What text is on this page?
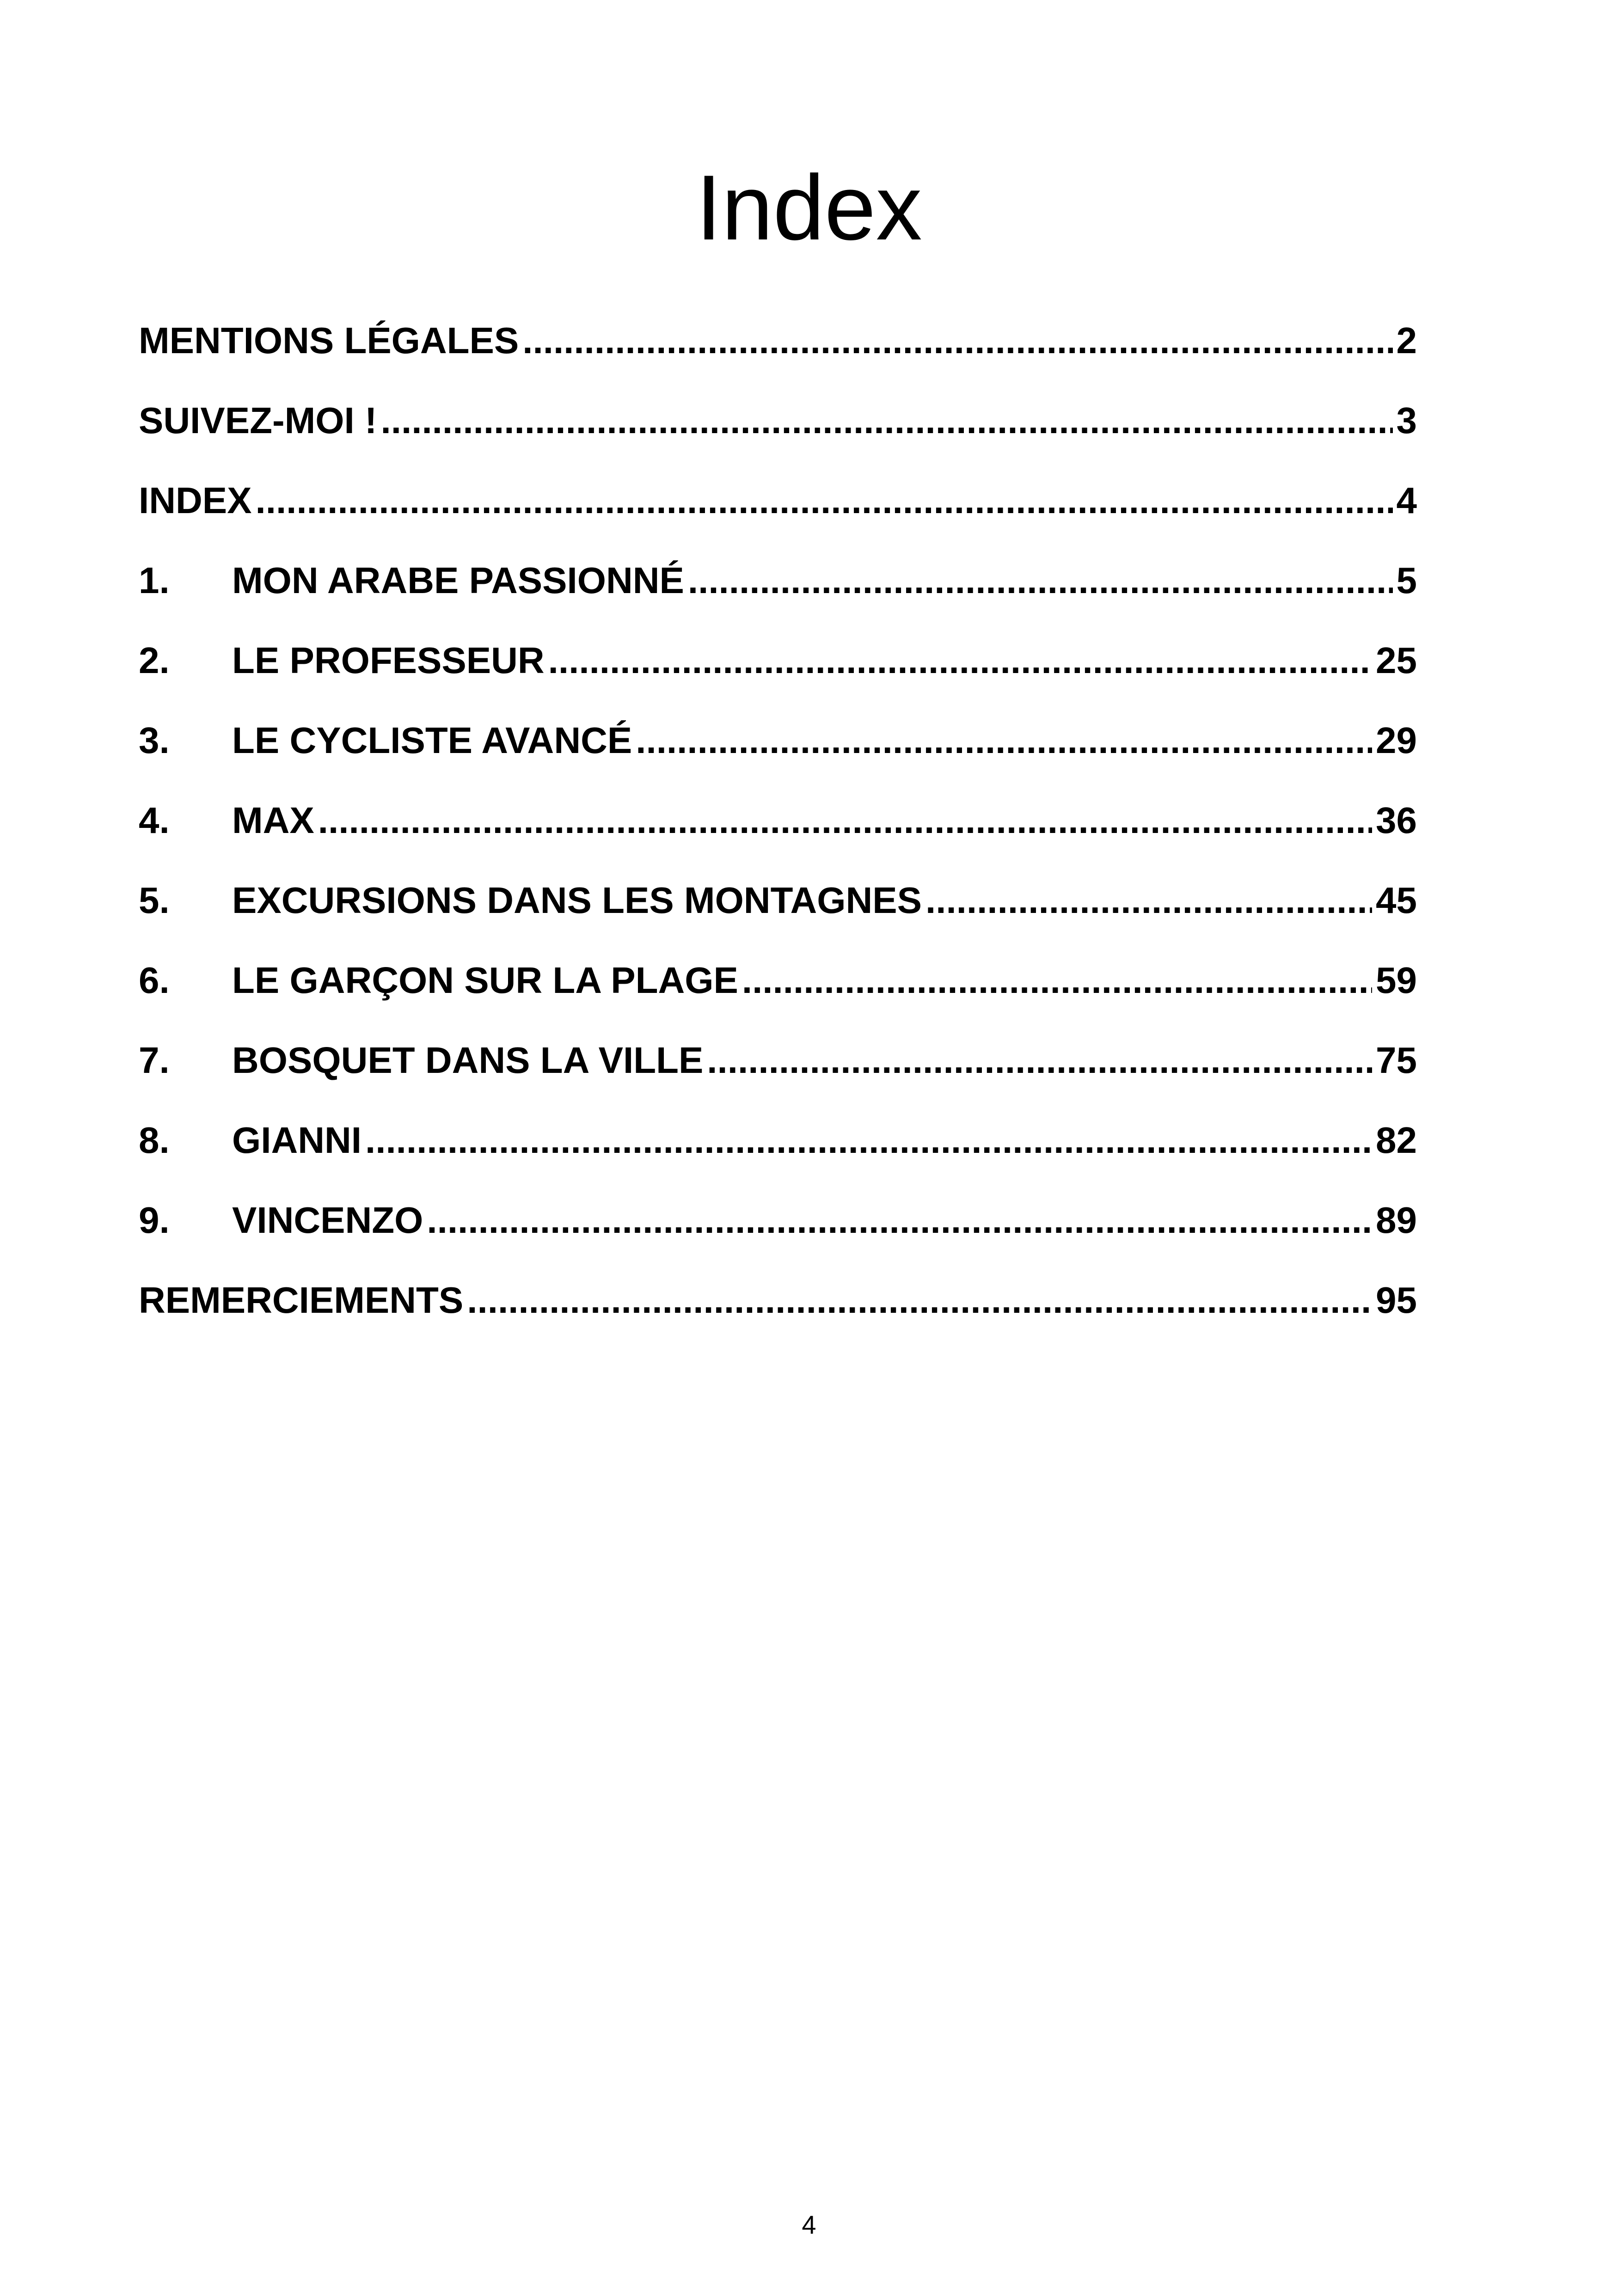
Index
MENTIONS LÉGALES .....	2
SUIVEZ-MOI ! .....	3
INDEX .....	4
1.	MON ARABE PASSIONNÉ .....	5
2.	LE PROFESSEUR .....	25
3.	LE CYCLISTE AVANCÉ .....	29
4.	MAX .....	36
5.	EXCURSIONS DANS LES MONTAGNES .....	45
6.	LE GARÇON SUR LA PLAGE .....	59
7.	BOSQUET DANS LA VILLE .....	75
8.	GIANNI .....	82
9.	VINCENZO .....	89
REMERCIEMENTS .....	95
4
